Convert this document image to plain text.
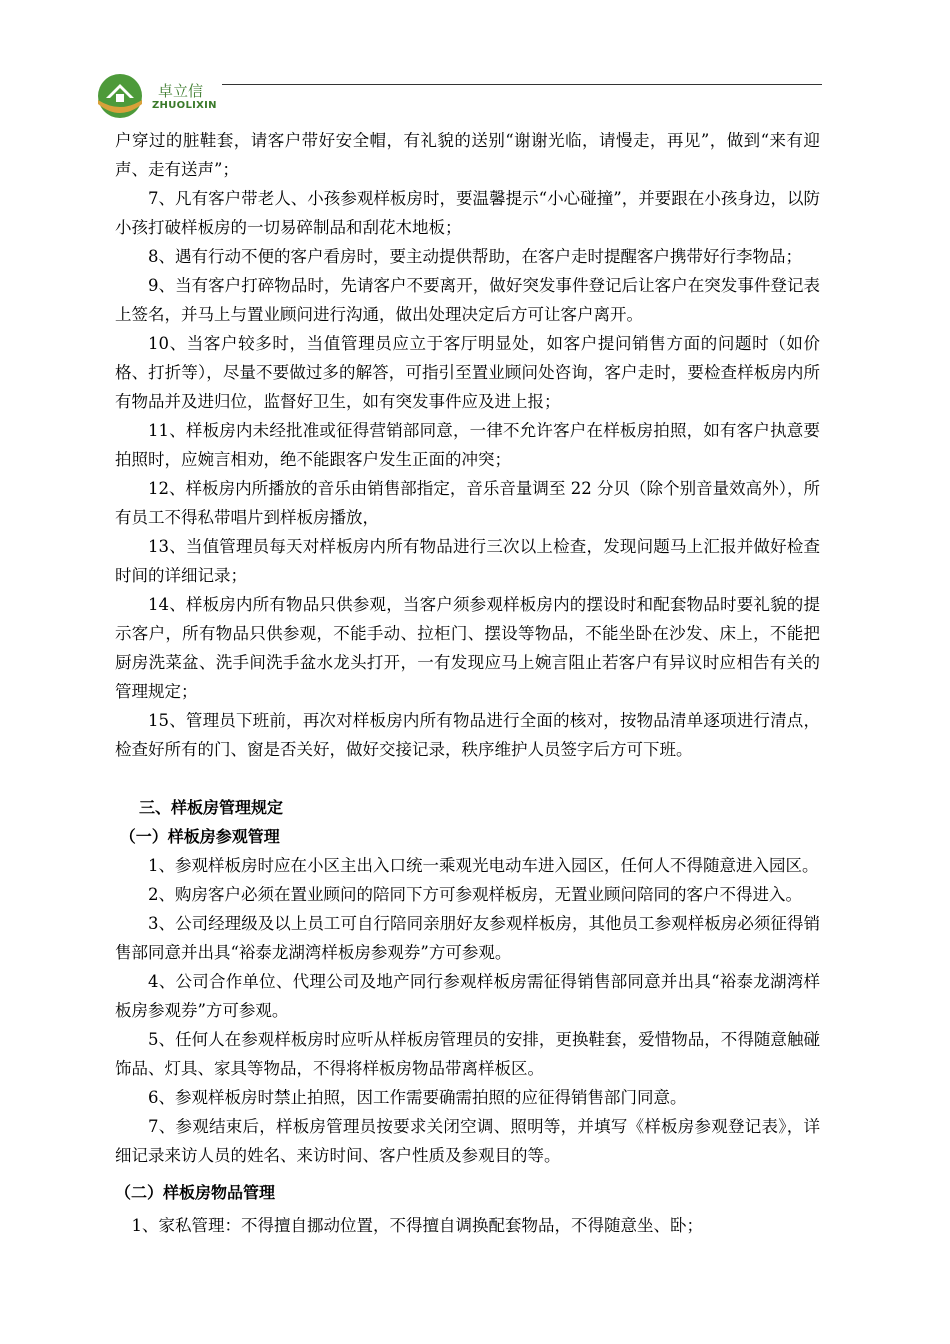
卓立信
ZHUOLIXIN

户穿过的脏鞋套，请客户带好安全帽，有礼貌的送别“谢谢光临，请慢走，再见”，做到“来有迎声、走有送声”；

7、凡有客户带老人、小孩参观样板房时，要温馨提示“小心碰撞”，并要跟在小孩身边，以防小孩打破样板房的一切易碎制品和刮花木地板；

8、遇有行动不便的客户看房时，要主动提供帮助，在客户走时提醒客户携带好行李物品；

9、当有客户打碎物品时，先请客户不要离开，做好突发事件登记后让客户在突发事件登记表上签名，并马上与置业顾问进行沟通，做出处理决定后方可让客户离开。

10、当客户较多时，当值管理员应立于客厅明显处，如客户提问销售方面的问题时（如价格、打折等），尽量不要做过多的解答，可指引至置业顾问处咨询，客户走时，要检查样板房内所有物品并及进归位，监督好卫生，如有突发事件应及进上报；

11、样板房内未经批准或征得营销部同意，一律不允许客户在样板房拍照，如有客户执意要拍照时，应婉言相劝，绝不能跟客户发生正面的冲突；

12、样板房内所播放的音乐由销售部指定，音乐音量调至 22 分贝（除个别音量效高外），所有员工不得私带唱片到样板房播放，

13、当值管理员每天对样板房内所有物品进行三次以上检查，发现问题马上汇报并做好检查时间的详细记录；

14、样板房内所有物品只供参观，当客户须参观样板房内的摆设时和配套物品时要礼貌的提示客户，所有物品只供参观，不能手动、拉柜门、摆设等物品，不能坐卧在沙发、床上，不能把厨房洗菜盆、洗手间洗手盆水龙头打开，一有发现应马上婉言阻止若客户有异议时应相告有关的管理规定；

15、管理员下班前，再次对样板房内所有物品进行全面的核对，按物品清单逐项进行清点，检查好所有的门、窗是否关好，做好交接记录，秩序维护人员签字后方可下班。

三、样板房管理规定

（一）样板房参观管理

1、参观样板房时应在小区主出入口统一乘观光电动车进入园区，任何人不得随意进入园区。

2、购房客户必须在置业顾问的陪同下方可参观样板房，无置业顾问陪同的客户不得进入。

3、公司经理级及以上员工可自行陪同亲朋好友参观样板房，其他员工参观样板房必须征得销售部同意并出具“裕泰龙湖湾样板房参观券”方可参观。

4、公司合作单位、代理公司及地产同行参观样板房需征得销售部同意并出具“裕泰龙湖湾样板房参观券”方可参观。

5、任何人在参观样板房时应听从样板房管理员的安排，更换鞋套，爱惜物品，不得随意触碰饰品、灯具、家具等物品，不得将样板房物品带离样板区。

6、参观样板房时禁止拍照，因工作需要确需拍照的应征得销售部门同意。

7、参观结束后，样板房管理员按要求关闭空调、照明等，并填写《样板房参观登记表》，详细记录来访人员的姓名、来访时间、客户性质及参观目的等。

（二）样板房物品管理

1、家私管理：不得擅自挪动位置，不得擅自调换配套物品，不得随意坐、卧；
